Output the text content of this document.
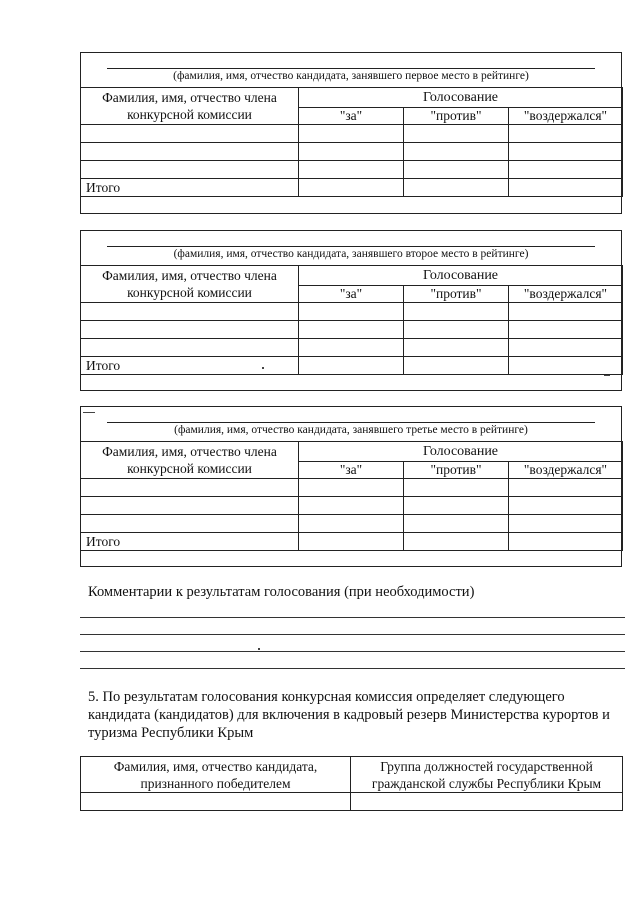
(фамилия, имя, отчество кандидата, занявшего первое место в рейтинге)
Фамилия, имя, отчество члена конкурсной комиссии	Голосование		
	"за"	"против"	"воздержался"

Итого			
(фамилия, имя, отчество кандидата, занявшего второе место в рейтинге)
Фамилия, имя, отчество члена конкурсной комиссии	Голосование		
	"за"	"против"	"воздержался"

Итого			
(фамилия, имя, отчество кандидата, занявшего третье место в рейтинге)
Фамилия, имя, отчество члена конкурсной комиссии	Голосование		
	"за"	"против"	"воздержался"

Итого			
Комментарии к результатам голосования (при необходимости)
5. По результатам голосования конкурсная комиссия определяет следующего кандидата (кандидатов) для включения в кадровый резерв Министерства курортов и туризма Республики Крым
Фамилия, имя, отчество кандидата, признанного победителем	Группа должностей государственной гражданской службы Республики Крым
